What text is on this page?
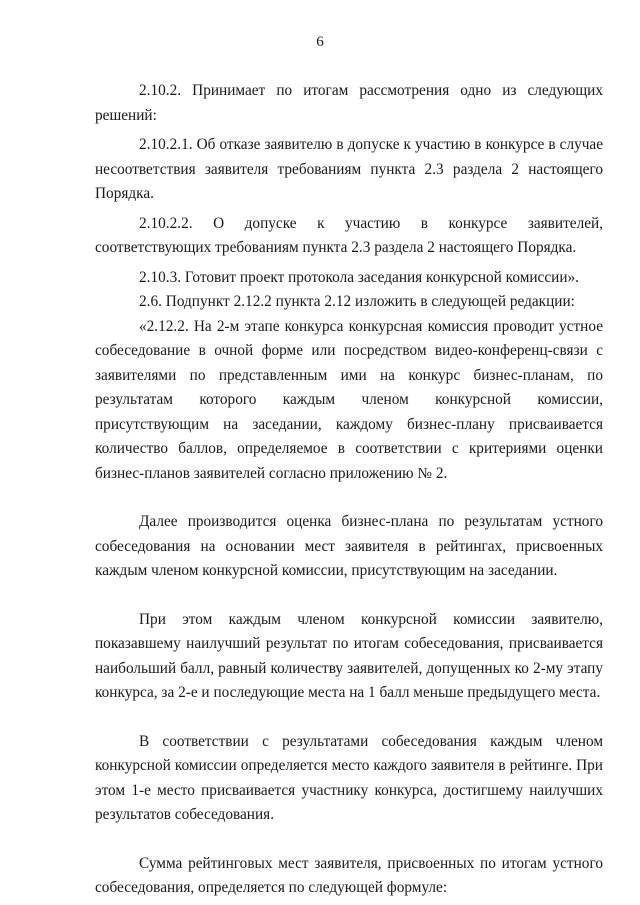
6

2.10.2. Принимает по итогам рассмотрения одно из следующих решений:

2.10.2.1. Об отказе заявителю в допуске к участию в конкурсе в случае несоответствия заявителя требованиям пункта 2.3 раздела 2 настоящего Порядка.

2.10.2.2. О допуске к участию в конкурсе заявителей, соответствующих требованиям пункта 2.3 раздела 2 настоящего Порядка.

2.10.3. Готовит проект протокола заседания конкурсной комиссии».

2.6. Подпункт 2.12.2 пункта 2.12 изложить в следующей редакции:

«2.12.2. На 2-м этапе конкурса конкурсная комиссия проводит устное собеседование в очной форме или посредством видео-конференц-связи с заявителями по представленным ими на конкурс бизнес-планам, по результатам которого каждым членом конкурсной комиссии, присутствующим на заседании, каждому бизнес-плану присваивается количество баллов, определяемое в соответствии с критериями оценки бизнес-планов заявителей согласно приложению № 2.

Далее производится оценка бизнес-плана по результатам устного собеседования на основании мест заявителя в рейтингах, присвоенных каждым членом конкурсной комиссии, присутствующим на заседании.

При этом каждым членом конкурсной комиссии заявителю, показавшему наилучший результат по итогам собеседования, присваивается наибольший балл, равный количеству заявителей, допущенных ко 2-му этапу конкурса, за 2-е и последующие места на 1 балл меньше предыдущего места.

В соответствии с результатами собеседования каждым членом конкурсной комиссии определяется место каждого заявителя в рейтинге. При этом 1-е место присваивается участнику конкурса, достигшему наилучших результатов собеседования.

Сумма рейтинговых мест заявителя, присвоенных по итогам устного собеседования, определяется по следующей формуле:
